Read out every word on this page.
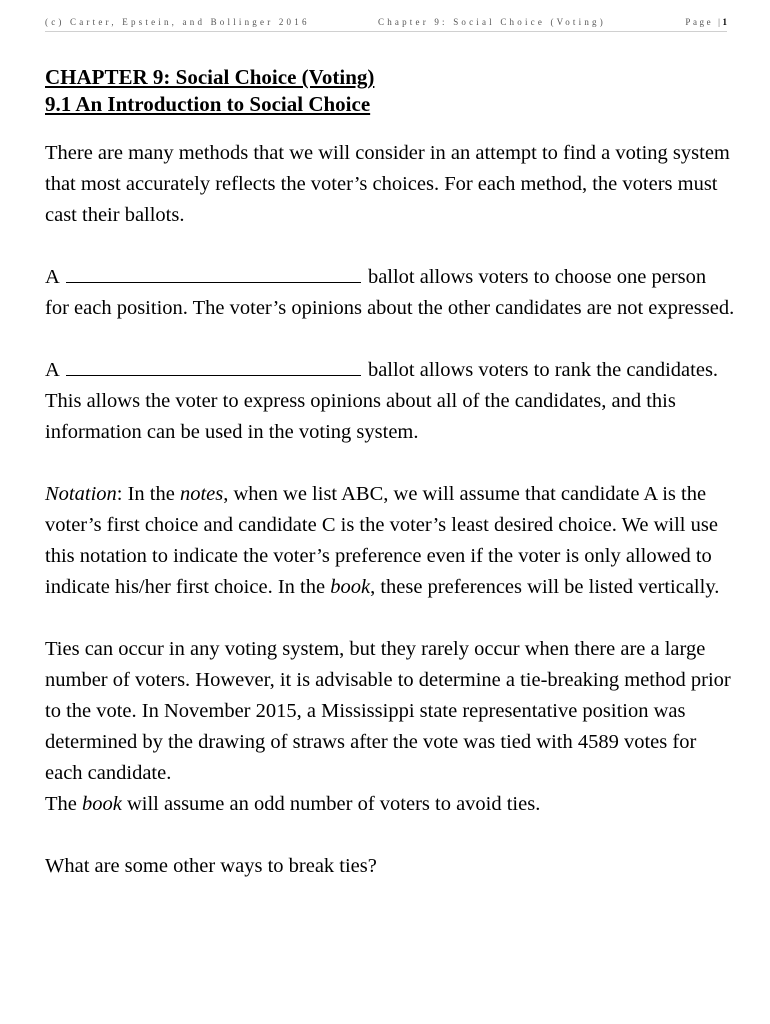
(c) Carter, Epstein, and Bollinger 2016	Chapter 9: Social Choice (Voting)	Page |1
CHAPTER 9: Social Choice (Voting)
9.1 An Introduction to Social Choice

There are many methods that we will consider in an attempt to find a voting system that most accurately reflects the voter’s choices. For each method, the voters must cast their ballots.

A	ballot allows voters to choose one person for each position. The voter’s opinions about the other candidates are not expressed.

A	ballot allows voters to rank the candidates. This allows the voter to express opinions about all of the candidates, and this information can be used in the voting system.

Notation: In the notes, when we list ABC, we will assume that candidate A is the voter’s first choice and candidate C is the voter’s least desired choice. We will use this notation to indicate the voter’s preference even if the voter is only allowed to indicate his/her first choice. In the book, these preferences will be listed vertically.

Ties can occur in any voting system, but they rarely occur when there are a large number of voters. However, it is advisable to determine a tie-breaking method prior to the vote. In November 2015, a Mississippi state representative position was determined by the drawing of straws after the vote was tied with 4589 votes for each candidate.

The book will assume an odd number of voters to avoid ties.

What are some other ways to break ties?
